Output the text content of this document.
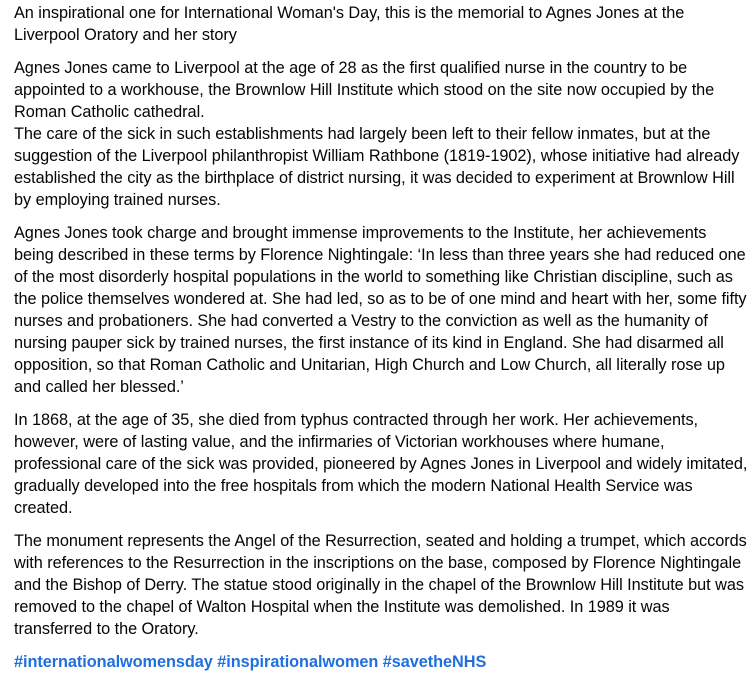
An inspirational one for International Woman's Day, this is the memorial to Agnes Jones at the Liverpool Oratory and her story

Agnes Jones came to Liverpool at the age of 28 as the first qualified nurse in the country to be appointed to a workhouse, the Brownlow Hill Institute which stood on the site now occupied by the Roman Catholic cathedral.

The care of the sick in such establishments had largely been left to their fellow inmates, but at the suggestion of the Liverpool philanthropist William Rathbone (1819-1902), whose initiative had already established the city as the birthplace of district nursing, it was decided to experiment at Brownlow Hill by employing trained nurses.

Agnes Jones took charge and brought immense improvements to the Institute, her achievements being described in these terms by Florence Nightingale: ‘In less than three years she had reduced one of the most disorderly hospital populations in the world to something like Christian discipline, such as the police themselves wondered at. She had led, so as to be of one mind and heart with her, some fifty nurses and probationers. She had converted a Vestry to the conviction as well as the humanity of nursing pauper sick by trained nurses, the first instance of its kind in England. She had disarmed all opposition, so that Roman Catholic and Unitarian, High Church and Low Church, all literally rose up and called her blessed.’

In 1868, at the age of 35, she died from typhus contracted through her work. Her achievements, however, were of lasting value, and the infirmaries of Victorian workhouses where humane, professional care of the sick was provided, pioneered by Agnes Jones in Liverpool and widely imitated, gradually developed into the free hospitals from which the modern National Health Service was created.

The monument represents the Angel of the Resurrection, seated and holding a trumpet, which accords with references to the Resurrection in the inscriptions on the base, composed by Florence Nightingale and the Bishop of Derry. The statue stood originally in the chapel of the Brownlow Hill Institute but was removed to the chapel of Walton Hospital when the Institute was demolished. In 1989 it was transferred to the Oratory.

#internationalwomensday #inspirationalwomen #savetheNHS
